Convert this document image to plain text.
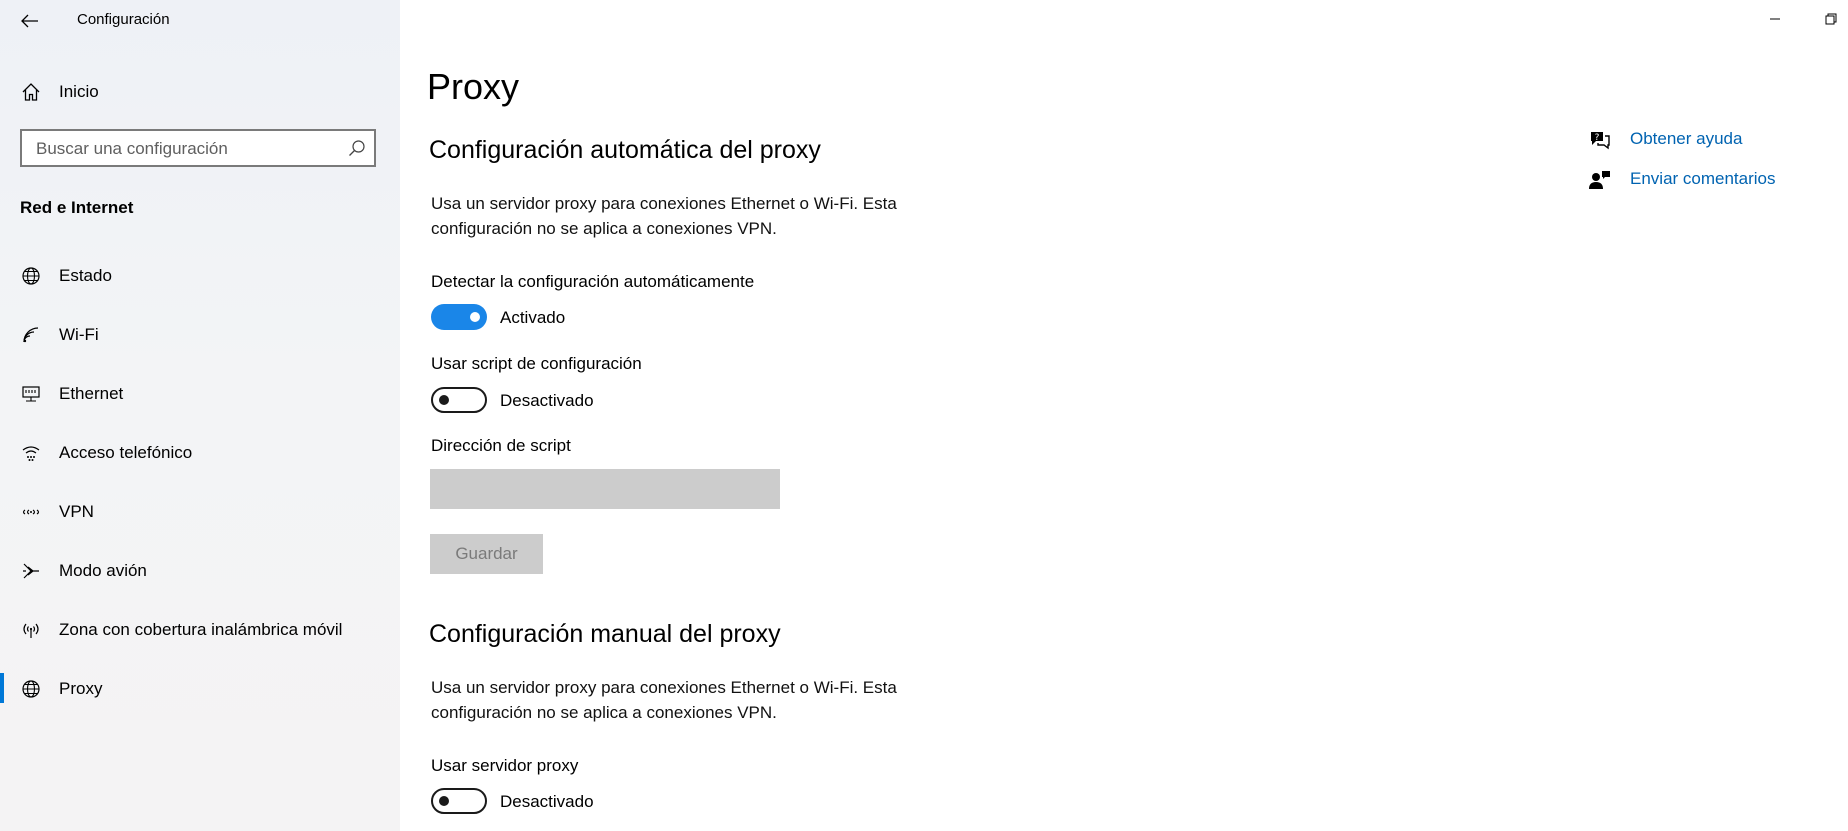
Configuración
Inicio
Buscar una configuración
Red e Internet
Estado
Wi-Fi
Ethernet
Acceso telefónico
VPN
Modo avión
Zona con cobertura inalámbrica móvil
Proxy
Proxy
Configuración automática del proxy
Usa un servidor proxy para conexiones Ethernet o Wi-Fi. Esta configuración no se aplica a conexiones VPN.
Detectar la configuración automáticamente
Activado
Usar script de configuración
Desactivado
Dirección de script
Guardar
Configuración manual del proxy
Usa un servidor proxy para conexiones Ethernet o Wi-Fi. Esta configuración no se aplica a conexiones VPN.
Usar servidor proxy
Desactivado
? Obtener ayuda
Enviar comentarios
